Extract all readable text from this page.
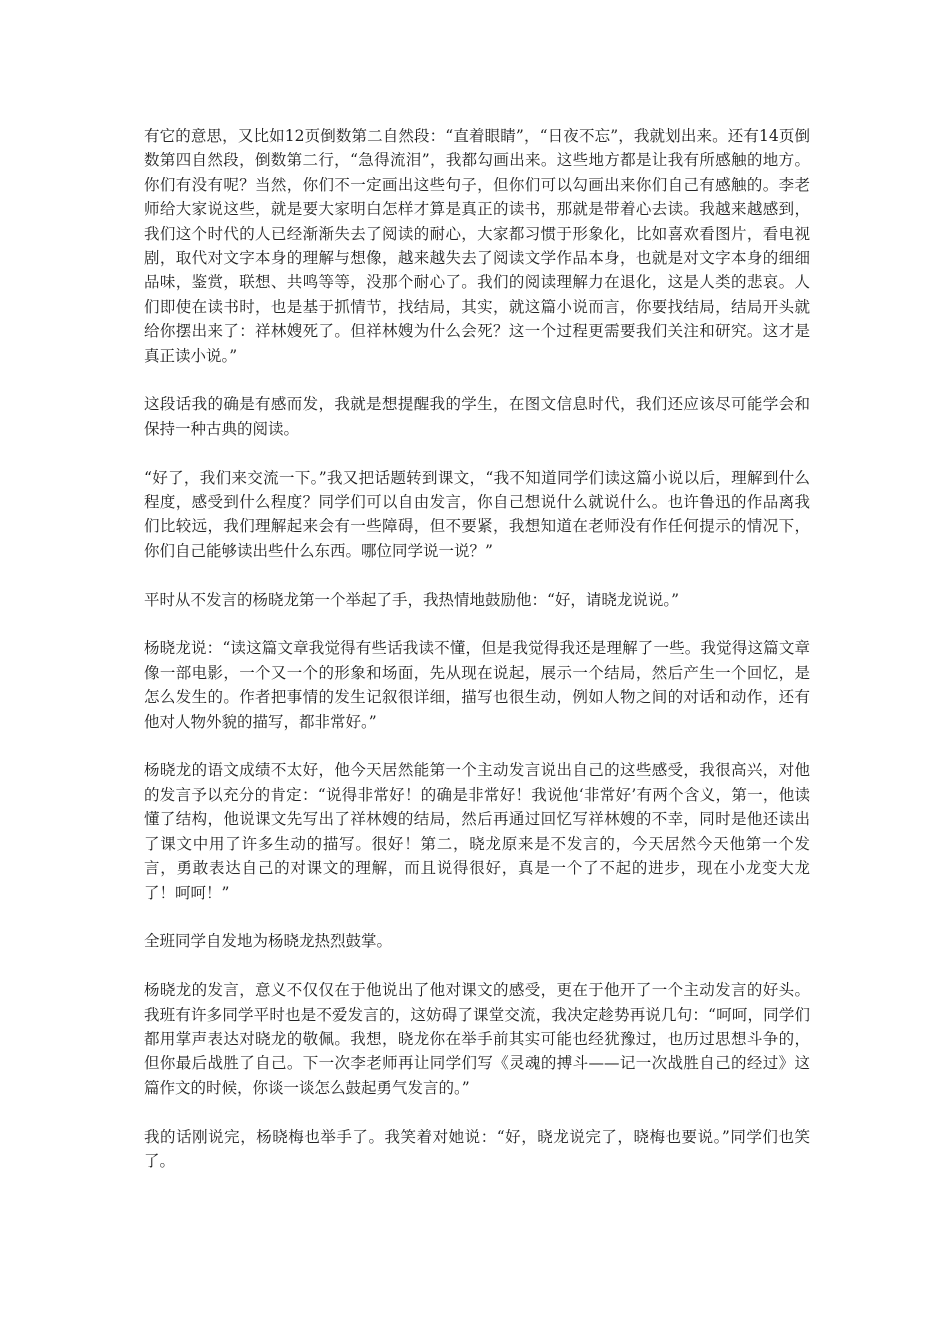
有它的意思，又比如12页倒数第二自然段：“直着眼睛”，“日夜不忘”，我就划出来。还有14页倒数第四自然段，倒数第二行，“急得流泪”，我都勾画出来。这些地方都是让我有所感触的地方。你们有没有呢？当然，你们不一定画出这些句子，但你们可以勾画出来你们自己有感触的。李老师给大家说这些，就是要大家明白怎样才算是真正的读书，那就是带着心去读。我越来越感到，我们这个时代的人已经渐渐失去了阅读的耐心，大家都习惯于形象化，比如喜欢看图片，看电视剧，取代对文字本身的理解与想像，越来越失去了阅读文学作品本身，也就是对文字本身的细细品味，鉴赏，联想、共鸣等等，没那个耐心了。我们的阅读理解力在退化，这是人类的悲哀。人们即使在读书时，也是基于抓情节，找结局，其实，就这篇小说而言，你要找结局，结局开头就给你摆出来了：祥林嫂死了。但祥林嫂为什么会死？这一个过程更需要我们关注和研究。这才是真正读小说。”

这段话我的确是有感而发，我就是想提醒我的学生，在图文信息时代，我们还应该尽可能学会和保持一种古典的阅读。

“好了，我们来交流一下。”我又把话题转到课文，“我不知道同学们读这篇小说以后，理解到什么程度，感受到什么程度？同学们可以自由发言，你自己想说什么就说什么。也许鲁迅的作品离我们比较远，我们理解起来会有一些障碍，但不要紧，我想知道在老师没有作任何提示的情况下，你们自己能够读出些什么东西。哪位同学说一说？”

平时从不发言的杨晓龙第一个举起了手，我热情地鼓励他：“好，请晓龙说说。”

杨晓龙说：“读这篇文章我觉得有些话我读不懂，但是我觉得我还是理解了一些。我觉得这篇文章像一部电影，一个又一个的形象和场面，先从现在说起，展示一个结局，然后产生一个回忆，是怎么发生的。作者把事情的发生记叙很详细，描写也很生动，例如人物之间的对话和动作，还有他对人物外貌的描写，都非常好。”

杨晓龙的语文成绩不太好，他今天居然能第一个主动发言说出自己的这些感受，我很高兴，对他的发言予以充分的肯定：“说得非常好！的确是非常好！我说他‘非常好’有两个含义，第一，他读懂了结构，他说课文先写出了祥林嫂的结局，然后再通过回忆写祥林嫂的不幸，同时是他还读出了课文中用了许多生动的描写。很好！第二，晓龙原来是不发言的，今天居然今天他第一个发言，勇敢表达自己的对课文的理解，而且说得很好，真是一个了不起的进步，现在小龙变大龙了！呵呵！”

全班同学自发地为杨晓龙热烈鼓掌。

杨晓龙的发言，意义不仅仅在于他说出了他对课文的感受，更在于他开了一个主动发言的好头。我班有许多同学平时也是不爱发言的，这妨碍了课堂交流，我决定趁势再说几句：“呵呵，同学们都用掌声表达对晓龙的敬佩。我想，晓龙你在举手前其实可能也经犹豫过，也历过思想斗争的，但你最后战胜了自己。下一次李老师再让同学们写《灵魂的搏斗——记一次战胜自己的经过》这篇作文的时候，你谈一谈怎么鼓起勇气发言的。”

我的话刚说完，杨晓梅也举手了。我笑着对她说：“好，晓龙说完了，晓梅也要说。”同学们也笑了。
